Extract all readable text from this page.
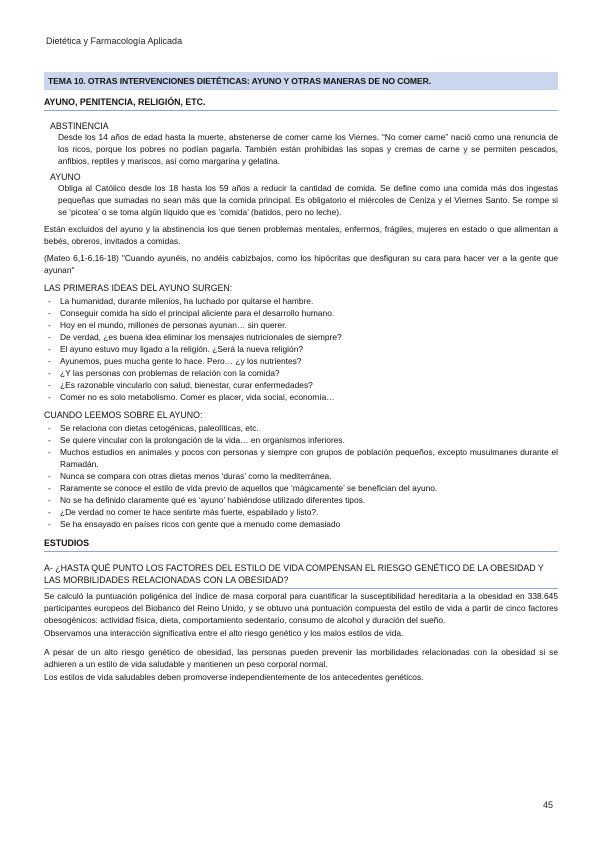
Dietética y Farmacología Aplicada
TEMA 10. OTRAS INTERVENCIONES DIETÉTICAS: AYUNO Y OTRAS MANERAS DE NO COMER.
AYUNO, PENITENCIA, RELIGIÓN, ETC.
ABSTINENCIA
Desde los 14 años de edad hasta la muerte, abstenerse de comer carne los Viernes. “No comer carne” nació como una renuncia de los ricos, porque los pobres no podían pagarla. También están prohibidas las sopas y cremas de carne y se permiten pescados, anfibios, reptiles y mariscos, así como margarina y gelatina.
AYUNO
Obliga al Católico desde los 18 hasta los 59 años a reducir la cantidad de comida. Se define como una comida más dos ingestas pequeñas que sumadas no sean más que la comida principal. Es obligatorio el miércoles de Ceniza y el Viernes Santo. Se rompe si se ‘picotea’ o se toma algún líquido que es ‘comida’ (batidos, pero no leche).
Están excluidos del ayuno y la abstinencia los que tienen problemas mentales, enfermos, frágiles, mujeres en estado o que alimentan a bebés, obreros, invitados a comidas.
(Mateo 6,1-6.16-18) "Cuando ayunéis, no andéis cabizbajos, como los hipócritas que desfiguran su cara para hacer ver a la gente que ayunan"
LAS PRIMERAS IDEAS DEL AYUNO SURGEN:
- La humanidad, durante milenios, ha luchado por quitarse el hambre.
- Conseguir comida ha sido el principal aliciente para el desarrollo humano.
- Hoy en el mundo, millones de personas ayunan… sin querer.
- De verdad, ¿es buena idea eliminar los mensajes nutricionales de siempre?
- El ayuno estuvo muy ligado a la religión. ¿Será la nueva religión?
- Ayunemos, pues mucha gente lo hace. Pero… ¿y los nutrientes?
- ¿Y las personas con problemas de relación con la comida?
- ¿Es razonable vincularlo con salud, bienestar, curar enfermedades?
- Comer no es solo metabolismo. Comer es placer, vida social, economía…
CUANDO LEEMOS SOBRE EL AYUNO:
- Se relaciona con dietas cetogénicas, paleolíticas, etc.
- Se quiere vincular con la prolongación de la vida… en organismos inferiores.
- Muchos estudios en animales y pocos con personas y siempre con grupos de población pequeños, excepto musulmanes durante el Ramadán.
- Nunca se compara con otras dietas menos ‘duras’ como la mediterránea.
- Raramente se conoce el estilo de vida previo de aquellos que ‘mágicamente’ se benefician del ayuno.
- No se ha definido claramente qué es ‘ayuno’ habiéndose utilizado diferentes tipos.
- ¿De verdad no comer te hace sentirte más fuerte, espabilado y listo?.
- Se ha ensayado en países ricos con gente que a menudo come demasiado
ESTUDIOS
A- ¿HASTA QUÉ PUNTO LOS FACTORES DEL ESTILO DE VIDA COMPENSAN EL RIESGO GENÉTICO DE LA OBESIDAD Y LAS MORBILIDADES RELACIONADAS CON LA OBESIDAD?
Se calculó la puntuación poligénica del índice de masa corporal para cuantificar la susceptibilidad hereditaria a la obesidad en 338.645 participantes europeos del Biobanco del Reino Unido, y se obtuvo una puntuación compuesta del estilo de vida a partir de cinco factores obesogénicos: actividad física, dieta, comportamiento sedentario, consumo de alcohol y duración del sueño.
Observamos una interacción significativa entre el alto riesgo genético y los malos estilos de vida.
A pesar de un alto riesgo genético de obesidad, las personas pueden prevenir las morbilidades relacionadas con la obesidad si se adhieren a un estilo de vida saludable y mantienen un peso corporal normal.
Los estilos de vida saludables deben promoverse independientemente de los antecedentes genéticos.
45
